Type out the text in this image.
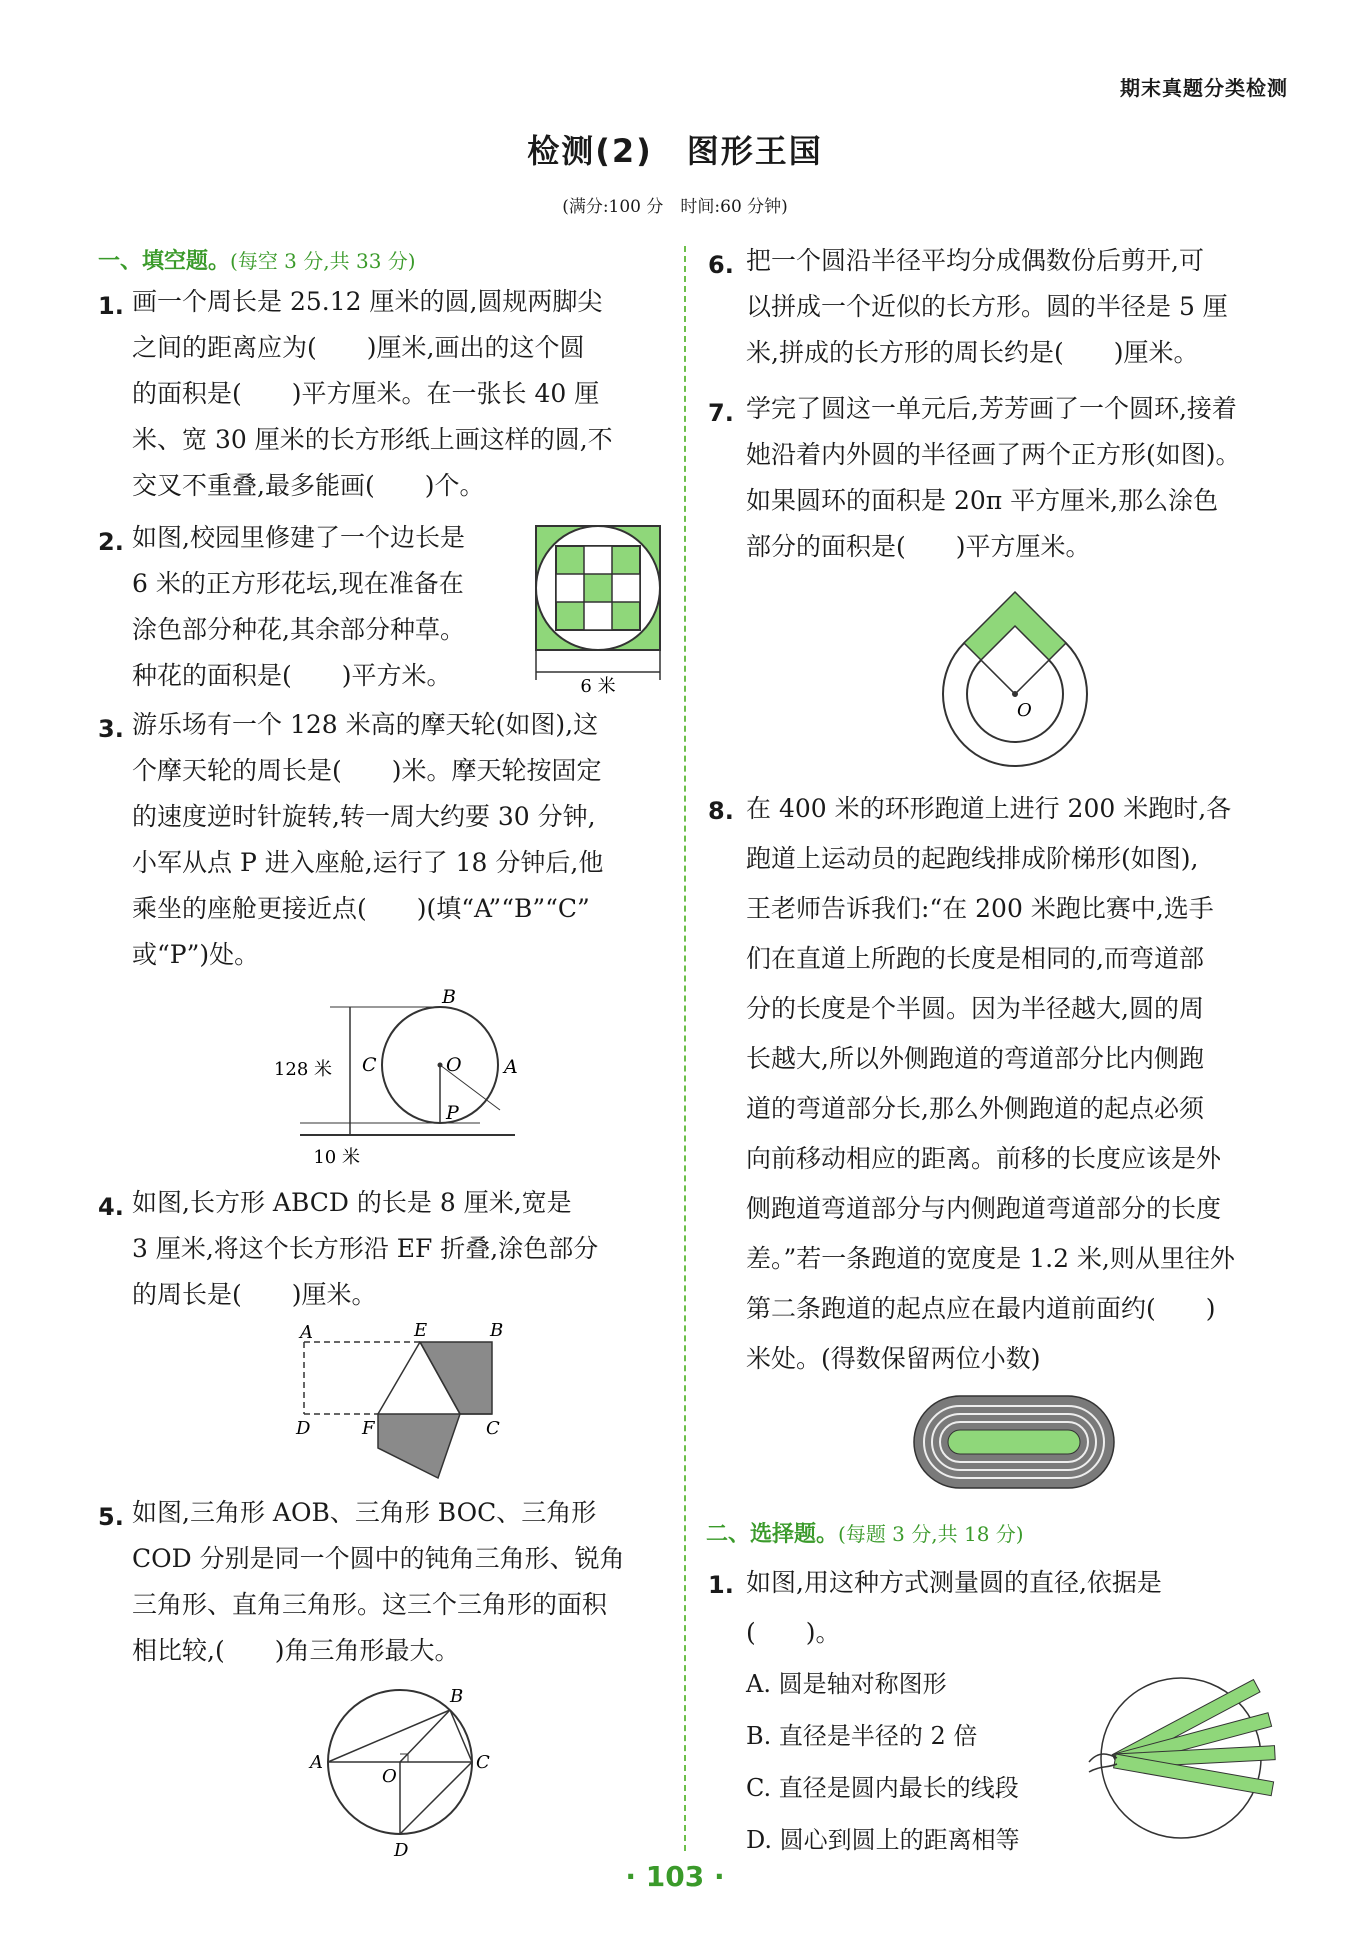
期末真题分类检测
检测(2)　图形王国
(满分:100 分　时间:60 分钟)
一、填空题。(每空 3 分,共 33 分)
1. 画一个周长是 25.12 厘米的圆,圆规两脚尖
之间的距离应为(　　)厘米,画出的这个圆
的面积是(　　)平方厘米。在一张长 40 厘
米、宽 30 厘米的长方形纸上画这样的圆,不
交叉不重叠,最多能画(　　)个。
2. 如图,校园里修建了一个边长是
6 米的正方形花坛,现在准备在
涂色部分种花,其余部分种草。
种花的面积是(　　)平方米。	6 米
3. 游乐场有一个 128 米高的摩天轮(如图),这
个摩天轮的周长是(　　)米。摩天轮按固定
的速度逆时针旋转,转一周大约要 30 分钟,
小军从点 P 进入座舱,运行了 18 分钟后,他
乘坐的座舱更接近点(　　)(填“A”“B”“C”
或“P”)处。
128 米
10 米
B
C	O A
P
4. 如图,长方形 ABCD 的长是 8 厘米,宽是
3 厘米,将这个长方形沿 EF 折叠,涂色部分
的周长是(　　)厘米。
A	E	B
D	F	C
5. 如图,三角形 AOB、三角形 BOC、三角形
COD 分别是同一个圆中的钝角三角形、锐角
三角形、直角三角形。这三个三角形的面积
相比较,(　　)角三角形最大。
B
A	C
O
D
6. 把一个圆沿半径平均分成偶数份后剪开,可
以拼成一个近似的长方形。圆的半径是 5 厘
米,拼成的长方形的周长约是(　　)厘米。
7. 学完了圆这一单元后,芳芳画了一个圆环,接着
她沿着内外圆的半径画了两个正方形(如图)。
如果圆环的面积是 20π 平方厘米,那么涂色
部分的面积是(　　)平方厘米。
O
8. 在 400 米的环形跑道上进行 200 米跑时,各
跑道上运动员的起跑线排成阶梯形(如图),
王老师告诉我们:“在 200 米跑比赛中,选手
们在直道上所跑的长度是相同的,而弯道部
分的长度是个半圆。因为半径越大,圆的周
长越大,所以外侧跑道的弯道部分比内侧跑
道的弯道部分长,那么外侧跑道的起点必须
向前移动相应的距离。前移的长度应该是外
侧跑道弯道部分与内侧跑道弯道部分的长度
差。”若一条跑道的宽度是 1.2 米,则从里往外
第二条跑道的起点应在最内道前面约(　　)
米处。(得数保留两位小数)
二、选择题。(每题 3 分,共 18 分)
1. 如图,用这种方式测量圆的直径,依据是
(　　)。
A. 圆是轴对称图形
B. 直径是半径的 2 倍
C. 直径是圆内最长的线段
D. 圆心到圆上的距离相等
· 103 ·
